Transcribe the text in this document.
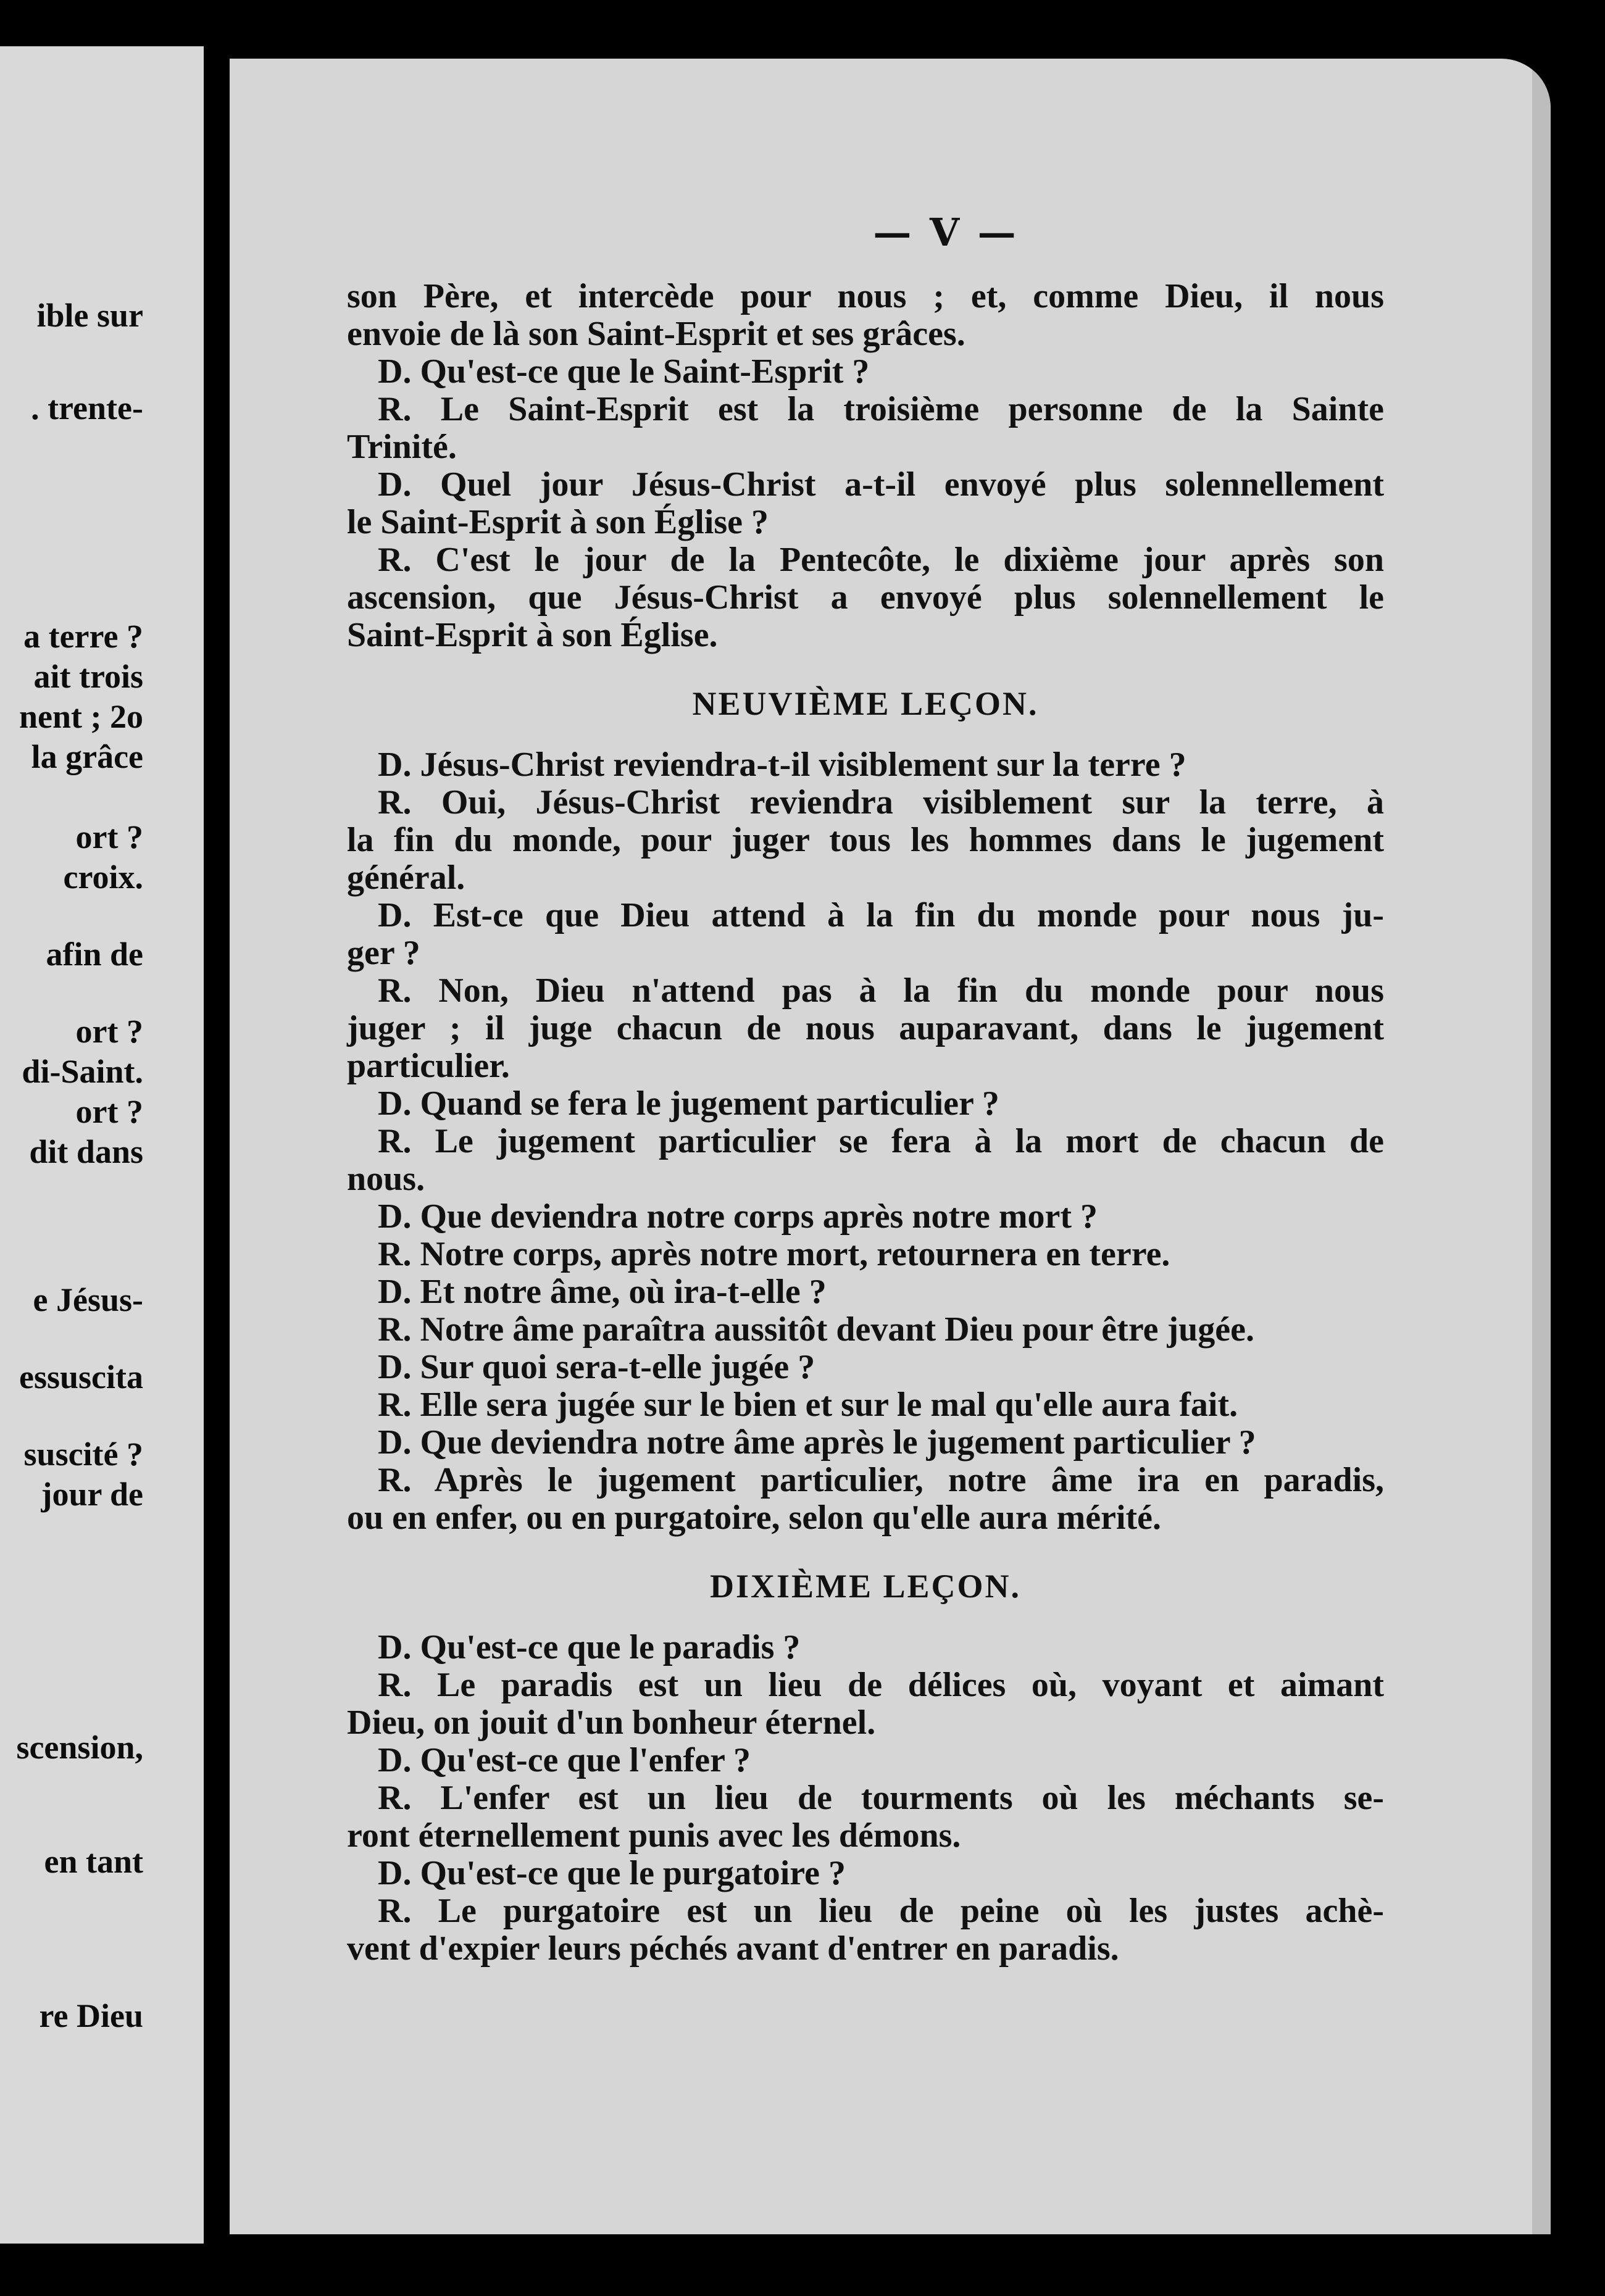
ible sur
. trente-
a terre ?
ait trois
nent ; 2o
la grâce
ort ?
croix.
afin de
ort ?
di-Saint.
ort ?
dit dans
e Jésus-
essuscita
suscité ?
jour de
scension,
en tant
re Dieu
— V —
son Père, et intercède pour nous ; et, comme Dieu, il nous
envoie de là son Saint-Esprit et ses grâces.
D. Qu'est-ce que le Saint-Esprit ?
R. Le Saint-Esprit est la troisième personne de la Sainte
Trinité.
D. Quel jour Jésus-Christ a-t-il envoyé plus solennellement
le Saint-Esprit à son Église ?
R. C'est le jour de la Pentecôte, le dixième jour après son
ascension, que Jésus-Christ a envoyé plus solennellement le
Saint-Esprit à son Église.
NEUVIÈME LEÇON.
D. Jésus-Christ reviendra-t-il visiblement sur la terre ?
R. Oui, Jésus-Christ reviendra visiblement sur la terre, à
la fin du monde, pour juger tous les hommes dans le jugement
général.
D. Est-ce que Dieu attend à la fin du monde pour nous ju-
ger ?
R. Non, Dieu n'attend pas à la fin du monde pour nous
juger ; il juge chacun de nous auparavant, dans le jugement
particulier.
D. Quand se fera le jugement particulier ?
R. Le jugement particulier se fera à la mort de chacun de
nous.
D. Que deviendra notre corps après notre mort ?
R. Notre corps, après notre mort, retournera en terre.
D. Et notre âme, où ira-t-elle ?
R. Notre âme paraîtra aussitôt devant Dieu pour être jugée.
D. Sur quoi sera-t-elle jugée ?
R. Elle sera jugée sur le bien et sur le mal qu'elle aura fait.
D. Que deviendra notre âme après le jugement particulier ?
R. Après le jugement particulier, notre âme ira en paradis,
ou en enfer, ou en purgatoire, selon qu'elle aura mérité.
DIXIÈME LEÇON.
D. Qu'est-ce que le paradis ?
R. Le paradis est un lieu de délices où, voyant et aimant
Dieu, on jouit d'un bonheur éternel.
D. Qu'est-ce que l'enfer ?
R. L'enfer est un lieu de tourments où les méchants se-
ront éternellement punis avec les démons.
D. Qu'est-ce que le purgatoire ?
R. Le purgatoire est un lieu de peine où les justes achè-
vent d'expier leurs péchés avant d'entrer en paradis.
